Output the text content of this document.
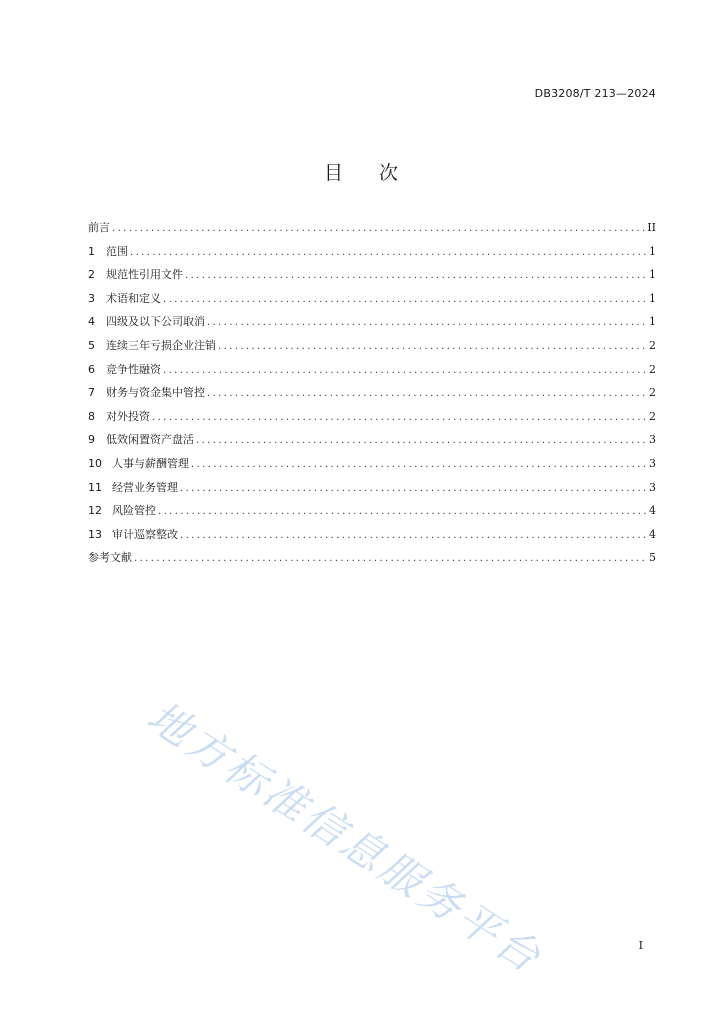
DB3208/T 213—2024
目 次
前言 .....	II
1	范围 .....	1
2	规范性引用文件 .....	1
3	术语和定义 .....	1
4	四级及以下公司取消 .....	1
5	连续三年亏损企业注销 .....	2
6	竞争性融资 .....	2
7	财务与资金集中管控 .....	2
8	对外投资 .....	2
9	低效闲置资产盘活 .....	3
10 人事与薪酬管理 .....	3
11 经营业务管理 .....	3
12 风险管控 .....	4
13 审计巡察整改 .....	4
参考文献 .....	5
地方标准信息服务平台	I
